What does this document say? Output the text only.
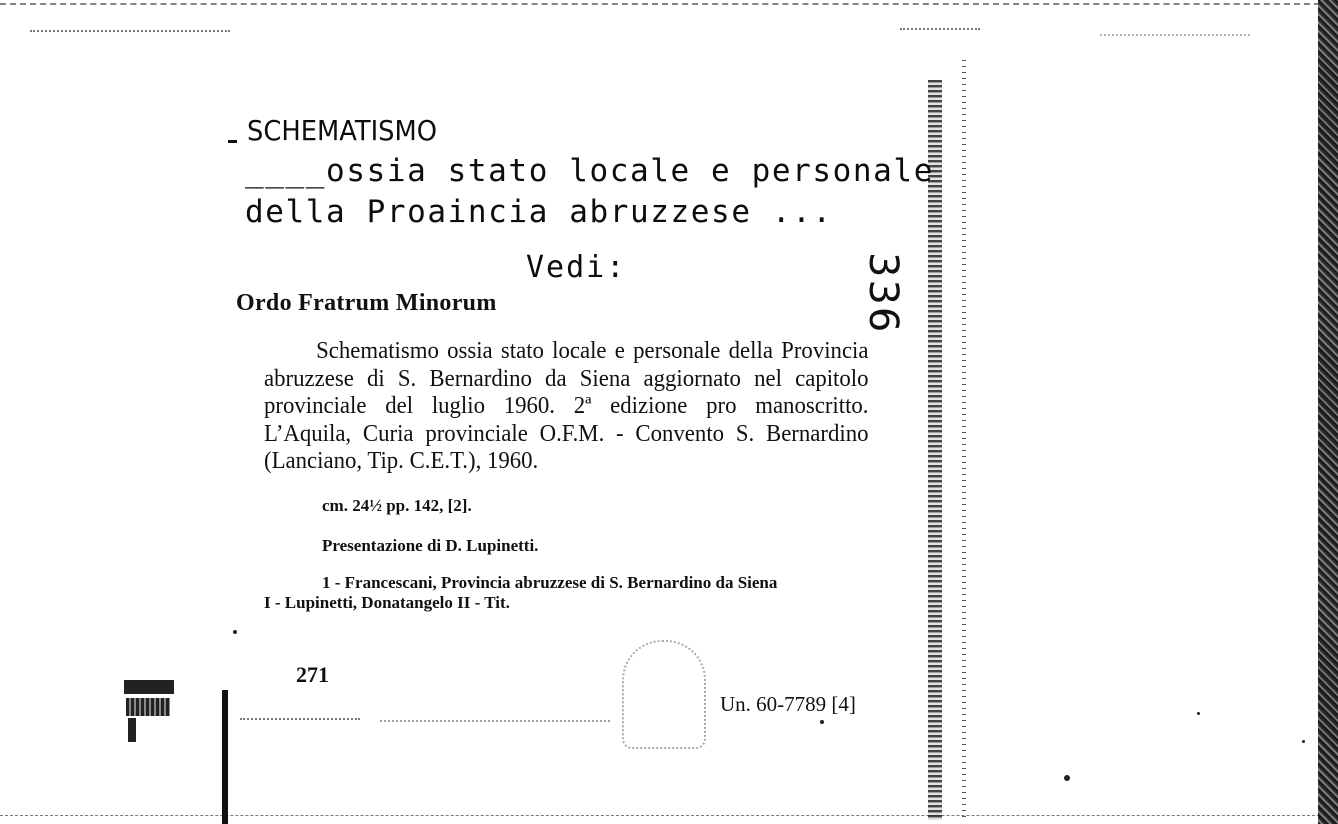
SCHEMATISMO
____ossia stato locale e personale
della Proaincia abruzzese ...
Vedi:	336
Ordo Fratrum Minorum
Schematismo ossia stato locale e personale della Provincia abruzzese di S. Bernardino da Siena aggiornato nel capitolo provinciale del luglio 1960. 2ª edizione pro manoscritto. L’Aquila, Curia provinciale O.F.M. - Convento S. Bernardino (Lanciano, Tip. C.E.T.), 1960.
cm. 24½ pp. 142, [2].
Presentazione di D. Lupinetti.
1 - Francescani, Provincia abruzzese di S. Bernardino da Siena
I - Lupinetti, Donatangelo II - Tit.
271
Un. 60-7789 [4]
